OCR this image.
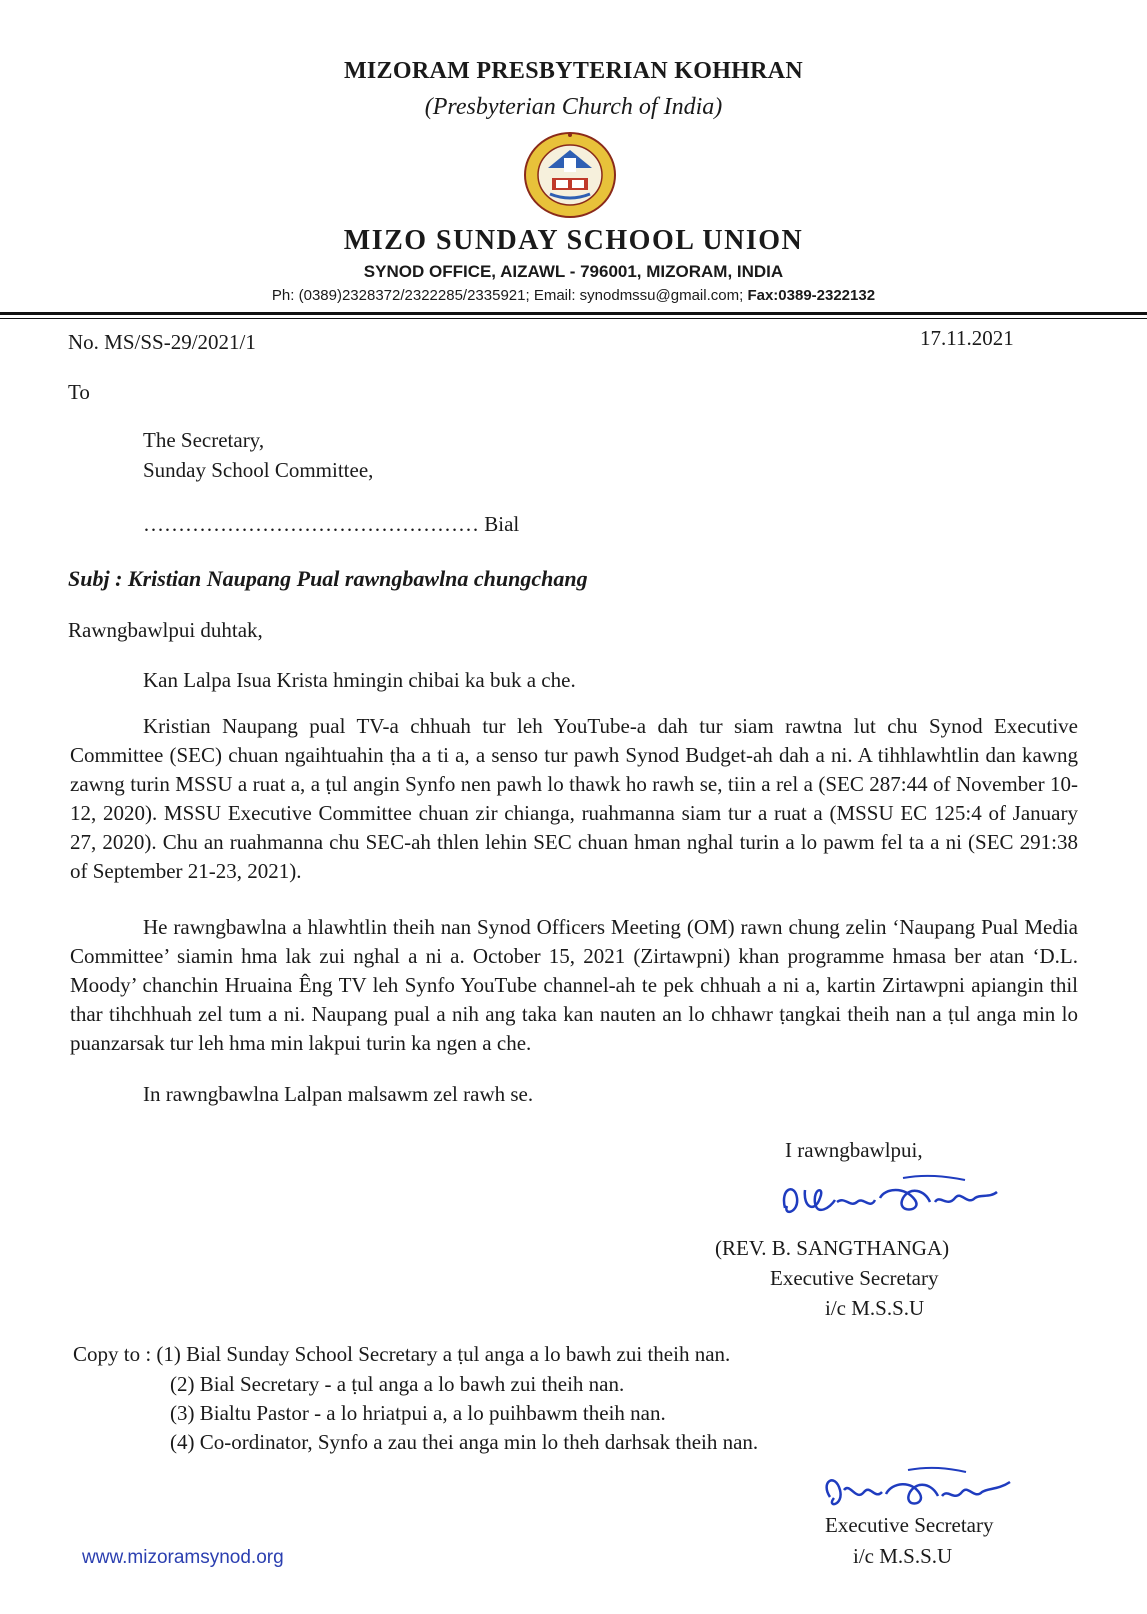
MIZORAM PRESBYTERIAN KOHHRAN
(Presbyterian Church of India)
MIZO SUNDAY SCHOOL UNION
SYNOD OFFICE, AIZAWL - 796001, MIZORAM, INDIA
Ph: (0389)2328372/2322285/2335921; Email: synodmssu@gmail.com; Fax:0389-2322132
No. MS/SS-29/2021/1	17.11.2021
To
The Secretary,
Sunday School Committee,
………………………………………… Bial
Subj : Kristian Naupang Pual rawngbawlna chungchang
Rawngbawlpui duhtak,
Kan Lalpa Isua Krista hmingin chibai ka buk a che.
Kristian Naupang pual TV-a chhuah tur leh YouTube-a dah tur siam rawtna lut chu Synod Executive Committee (SEC) chuan ngaihtuahin ṭha a ti a, a senso tur pawh Synod Budget-ah dah a ni. A tihhlawhtlin dan kawng zawng turin MSSU a ruat a, a ṭul angin Synfo nen pawh lo thawk ho rawh se, tiin a rel a (SEC 287:44 of November 10-12, 2020). MSSU Executive Committee chuan zir chianga, ruahmanna siam tur a ruat a (MSSU EC 125:4 of January 27, 2020). Chu an ruahmanna chu SEC-ah thlen lehin SEC chuan hman nghal turin a lo pawm fel ta a ni (SEC 291:38 of September 21-23, 2021).
He rawngbawlna a hlawhtlin theih nan Synod Officers Meeting (OM) rawn chung zelin ‘Naupang Pual Media Committee’ siamin hma lak zui nghal a ni a. October 15, 2021 (Zirtawpni) khan programme hmasa ber atan ‘D.L. Moody’ chanchin Hruaina Êng TV leh Synfo YouTube channel-ah te pek chhuah a ni a, kartin Zirtawpni apiangin thil thar tihchhuah zel tum a ni. Naupang pual a nih ang taka kan nauten an lo chhawr ṭangkai theih nan a ṭul anga min lo puanzarsak tur leh hma min lakpui turin ka ngen a che.
In rawngbawlna Lalpan malsawm zel rawh se.
I rawngbawlpui,
(REV. B. SANGTHANGA)
Executive Secretary
i/c M.S.S.U
Copy to : (1) Bial Sunday School Secretary a ṭul anga a lo bawh zui theih nan.
(2) Bial Secretary - a ṭul anga a lo bawh zui theih nan.
(3) Bialtu Pastor - a lo hriatpui a, a lo puihbawm theih nan.
(4) Co-ordinator, Synfo a zau thei anga min lo theh darhsak theih nan.
Executive Secretary
i/c M.S.S.U
www.mizoramsynod.org
